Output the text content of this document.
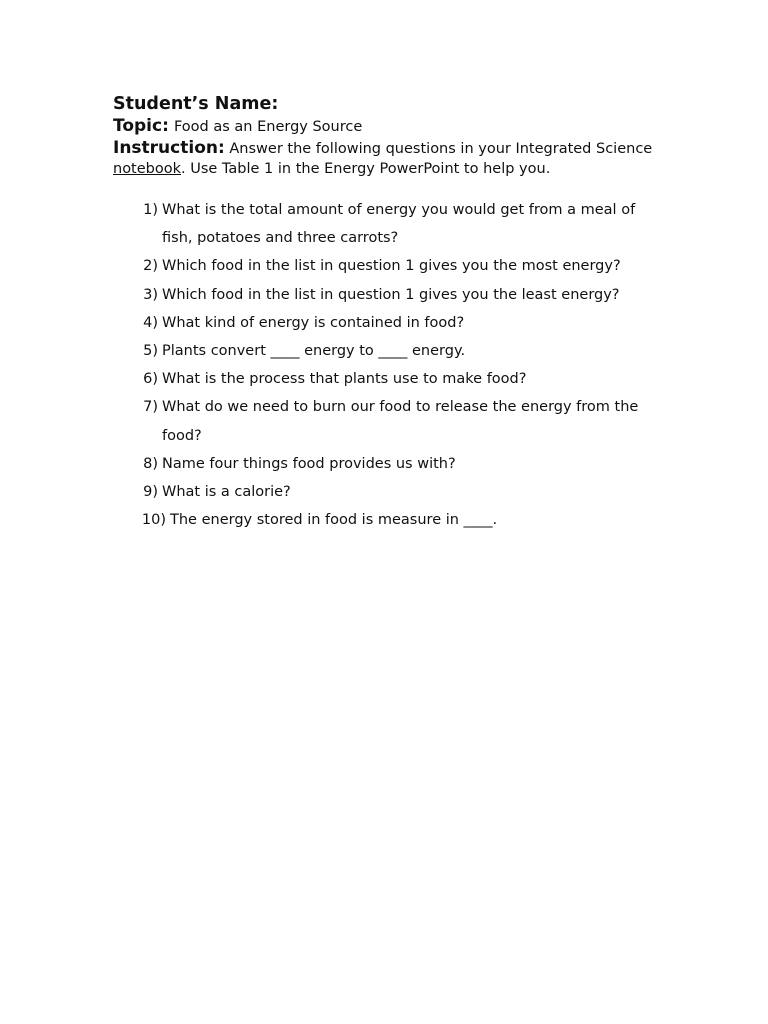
Student’s Name:

Topic: Food as an Energy Source

Instruction: Answer the following questions in your Integrated Science notebook. Use Table 1 in the Energy PowerPoint to help you.

1) What is the total amount of energy you would get from a meal of fish, potatoes and three carrots?
2) Which food in the list in question 1 gives you the most energy?
3) Which food in the list in question 1 gives you the least energy?
4) What kind of energy is contained in food?
5) Plants convert ____ energy to ____ energy.
6) What is the process that plants use to make food?
7) What do we need to burn our food to release the energy from the food?
8) Name four things food provides us with?
9) What is a calorie?
10) The energy stored in food is measure in ____.
